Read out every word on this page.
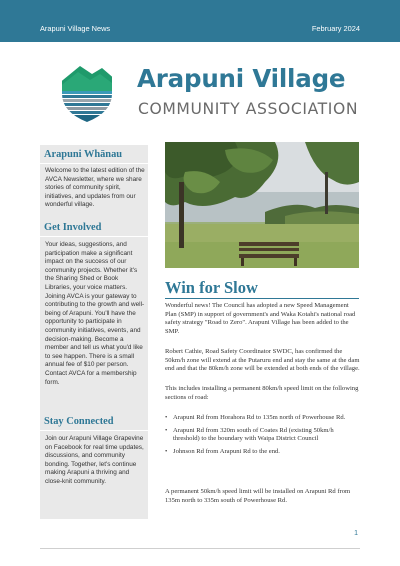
Arapuni Village News	February 2024
Arapuni Village
COMMUNITY ASSOCIATION
Arapuni Whānau
Welcome to the latest edition of the AVCA Newsletter, where we share stories of community spirit, initiatives, and updates from our wonderful village.
Get Involved
Your ideas, suggestions, and participation make a significant impact on the success of our community projects. Whether it's the Sharing Shed or Book Libraries, your voice matters. Joining AVCA is your gateway to contributing to the growth and well-being of Arapuni. You'll have the opportunity to participate in community initiatives, events, and decision-making. Become a member and tell us what you'd like to see happen. There is a small annual fee of $10 per person. Contact AVCA for a membership form.
Stay Connected
Join our Arapuni Village Grapevine on Facebook for real time updates, discussions, and community bonding. Together, let's continue making Arapuni a thriving and close-knit community.
Win for Slow
Wonderful news! The Council has adopted a new Speed Management Plan (SMP) in support of government's and Waka Kotahi's national road safety strategy "Road to Zero". Arapuni Village has been added to the SMP.
Robert Cathie, Road Safety Coordinator SWDC, has confirmed the 50km/h zone will extend at the Putaruru end and stay the same at the dam end and that the 80km/h zone will be extended at both ends of the village.
This includes installing a permanent 80km/h speed limit on the following sections of road:
• Arapuni Rd from Horahora Rd to 135m north of Powerhouse Rd.
• Arapuni Rd from 320m south of Coates Rd (existing 50km/h threshold) to the boundary with Waipa District Council
• Johnson Rd from Arapuni Rd to the end.
A permanent 50km/h speed limit will be installed on Arapuni Rd from 135m north to 335m south of Powerhouse Rd.
1
